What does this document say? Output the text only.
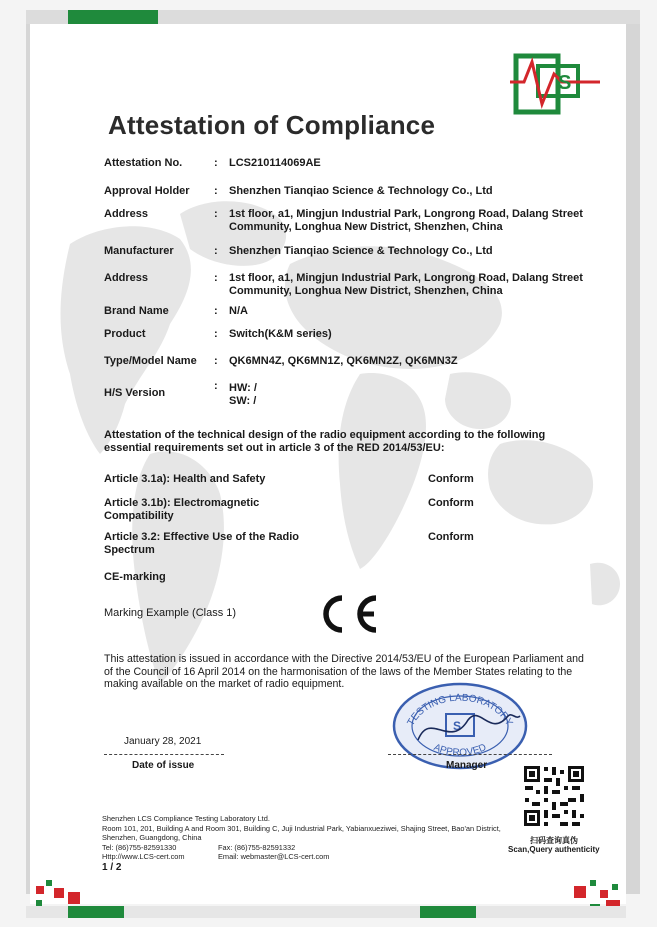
S
Attestation of Compliance
Attestation No.	: LCS210114069AE
Approval Holder : Shenzhen Tianqiao Science & Technology Co., Ltd
Address	: 1st floor, a1, Mingjun Industrial Park, Longrong Road, Dalang Street Community, Longhua New District, Shenzhen, China
Manufacturer	: Shenzhen Tianqiao Science & Technology Co., Ltd
Address	: 1st floor, a1, Mingjun Industrial Park, Longrong Road, Dalang Street Community, Longhua New District, Shenzhen, China
Brand Name	: N/A
Product	: Switch(K&M series)
Type/Model Name : QK6MN4Z, QK6MN1Z, QK6MN2Z, QK6MN3Z
H/S Version
: HW: /
SW: /
Attestation of the technical design of the radio equipment according to the following essential requirements set out in article 3 of the RED 2014/53/EU:
Article 3.1a): Health and Safety	Conform
Article 3.1b): Electromagnetic Compatibility
Conform
Article 3.2: Effective Use of the Radio Spectrum
Conform
CE-marking
Marking Example (Class 1)
This attestation is issued in accordance with the Directive 2014/53/EU of the European Parliament and of the Council of 16 April 2014 on the harmonisation of the laws of the Member States relating to the making available on the market of radio equipment.
January 28, 2021
Date of issue
TESTING LABORATORY
APPROVED
S
Manager
扫码查询真伪
Scan,Query authenticity
Shenzhen LCS Compliance Testing Laboratory Ltd.
Room 101, 201, Building A and Room 301, Building C, Juji Industrial Park, Yabianxueziwei, Shajing Street, Bao'an District,
Shenzhen, Guangdong, China
Tel: (86)755-82591330	Fax: (86)755-82591332
Http://www.LCS-cert.com	Email: webmaster@LCS-cert.com
1 / 2
